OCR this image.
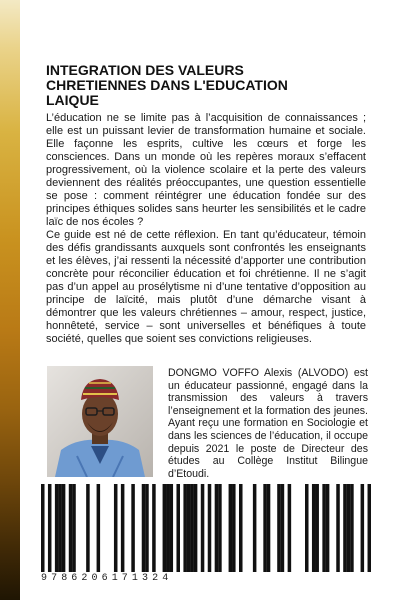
INTEGRATION DES VALEURS
CHRETIENNES DANS L'EDUCATION
LAIQUE

L’éducation ne se limite pas à l’acquisition de connaissances ; elle est un puissant levier de transformation humaine et sociale. Elle façonne les esprits, cultive les cœurs et forge les consciences. Dans un monde où les repères moraux s’effacent progressivement, où la violence scolaire et la perte des valeurs deviennent des réalités préoccupantes, une question essentielle se pose : comment réintégrer une éducation fondée sur des principes éthiques solides sans heurter les sensibilités et le cadre laïc de nos écoles ?

Ce guide est né de cette réflexion. En tant qu’éducateur, témoin des défis grandissants auxquels sont confrontés les enseignants et les élèves, j’ai ressenti la nécessité d’apporter une contribution concrète pour réconcilier éducation et foi chrétienne. Il ne s’agit pas d’un appel au prosélytisme ni d’une tentative d’opposition au principe de laïcité, mais plutôt d’une démarche visant à démontrer que les valeurs chrétiennes – amour, respect, justice, honnêteté, service – sont universelles et bénéfiques à toute société, quelles que soient ses convictions religieuses.

DONGMO VOFFO Alexis (ALVODO) est un éducateur passionné, engagé dans la transmission des valeurs à travers l’enseignement et la formation des jeunes. Ayant reçu une formation en Sociologie et dans les sciences de l’éducation, il occupe depuis 2021 le poste de Directeur des études au Collège Institut Bilingue d’Etoudi.
9786206171324
